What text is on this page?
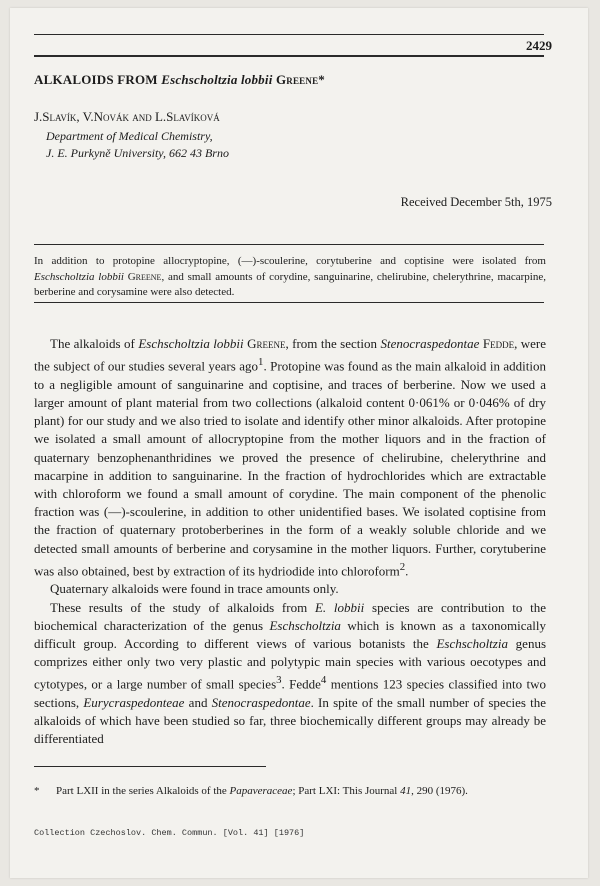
2429
ALKALOIDS FROM Eschscholtzia lobbii Greene*
J.Slavík, V.Novák and L.Slavíková
Department of Medical Chemistry,
J. E. Purkyně University, 662 43 Brno
Received December 5th, 1975
In addition to protopine allocryptopine, (—)-scoulerine, corytuberine and coptisine were isolated from Eschscholtzia lobbii Greene, and small amounts of corydine, sanguinarine, chelirubine, chelerythrine, macarpine, berberine and corysamine were also detected.

The alkaloids of Eschscholtzia lobbii Greene, from the section Stenocraspedontae Fedde, were the subject of our studies several years ago$^1$. Protopine was found as the main alkaloid in addition to a negligible amount of sanguinarine and coptisine, and traces of berberine. Now we used a larger amount of plant material from two collections (alkaloid content 0·061% or 0·046% of dry plant) for our study and we also tried to isolate and identify other minor alkaloids. After protopine we isolated a small amount of allocryptopine from the mother liquors and in the fraction of quaternary benzophenanthridines we proved the presence of chelirubine, chelerythrine and macarpine in addition to sanguinarine. In the fraction of hydrochlorides which are extractable with chloroform we found a small amount of corydine. The main component of the phenolic fraction was (—)-scoulerine, in addition to other unidentified bases. We isolated coptisine from the fraction of quaternary protoberberines in the form of a weakly soluble chloride and we detected small amounts of berberine and corysamine in the mother liquors. Further, corytuberine was also obtained, best by extraction of its hydriodide into chloroform$^2$.

Quaternary alkaloids were found in trace amounts only.

These results of the study of alkaloids from E. lobbii species are contribution to the biochemical characterization of the genus Eschscholtzia which is known as a taxonomically difficult group. According to different views of various botanists the Eschscholtzia genus comprizes either only two very plastic and polytypic main species with various oecotypes and cytotypes, or a large number of small species$^3$. Fedde$^4$ mentions 123 species classified into two sections, Eurycraspedonteae and Stenocraspedontae. In spite of the small number of species the alkaloids of which have been studied so far, three biochemically different groups may already be differentiated

* Part LXII in the series Alkaloids of the Papaveraceae; Part LXI: This Journal 41, 290 (1976).
Collection Czechoslov. Chem. Commun. [Vol. 41] [1976]
